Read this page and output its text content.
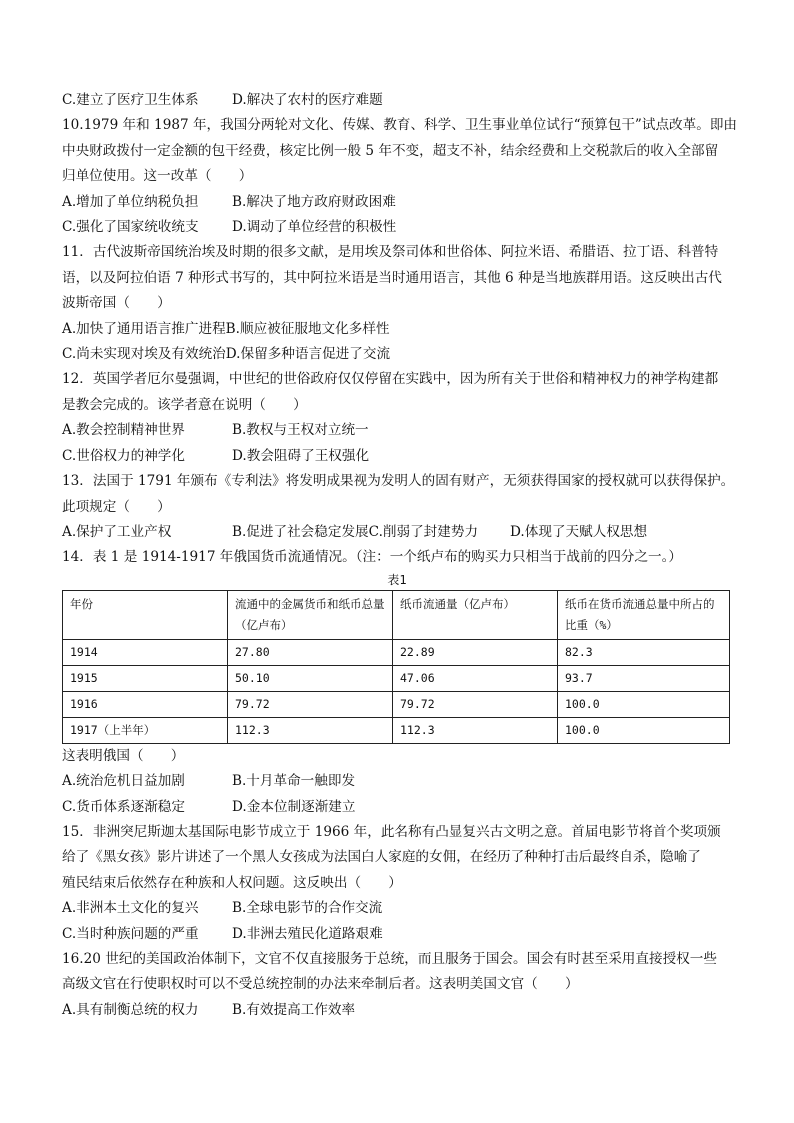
C.建立了医疗卫生体系	D.解决了农村的医疗难题
10.1979 年和 1987 年，我国分两轮对文化、传媒、教育、科学、卫生事业单位试行“预算包干”试点改革。即由
中央财政拨付一定金额的包干经费，核定比例一般 5 年不变，超支不补，结余经费和上交税款后的收入全部留
归单位使用。这一改革（　　）
A.增加了单位纳税负担	B.解决了地方政府财政困难
C.强化了国家统收统支	D.调动了单位经营的积极性
11．古代波斯帝国统治埃及时期的很多文献，是用埃及祭司体和世俗体、阿拉米语、希腊语、拉丁语、科普特
语，以及阿拉伯语 7 种形式书写的，其中阿拉米语是当时通用语言，其他 6 种是当地族群用语。这反映出古代
波斯帝国（　　）
A.加快了通用语言推广进程B.顺应被征服地文化多样性
C.尚未实现对埃及有效统治D.保留多种语言促进了交流
12．英国学者厄尔曼强调，中世纪的世俗政府仅仅停留在实践中，因为所有关于世俗和精神权力的神学构建都
是教会完成的。该学者意在说明（　　）
A.教会控制精神世界	B.教权与王权对立统一
C.世俗权力的神学化	D.教会阻碍了王权强化
13．法国于 1791 年颁布《专利法》将发明成果视为发明人的固有财产，无须获得国家的授权就可以获得保护。
此项规定（　　）
A.保护了工业产权	B.促进了社会稳定发展C.削弱了封建势力	D.体现了天赋人权思想
14．表 1 是 1914-1917 年俄国货币流通情况。（注：一个纸卢布的购买力只相当于战前的四分之一。）
表1
年份	流通中的金属货币和纸币总量（亿卢布）	纸币流通量（亿卢布）	纸币在货币流通总量中所占的比重（%）
1914	27.80	22.89	82.3
1915	50.10	47.06	93.7
1916	79.72	79.72	100.0
1917（上半年）	112.3	112.3	100.0
这表明俄国（　　）
A.统治危机日益加剧	B.十月革命一触即发
C.货币体系逐渐稳定	D.金本位制逐渐建立
15．非洲突尼斯迦太基国际电影节成立于 1966 年，此名称有凸显复兴古文明之意。首届电影节将首个奖项颁
给了《黑女孩》影片讲述了一个黑人女孩成为法国白人家庭的女佣，在经历了种种打击后最终自杀，隐喻了
殖民结束后依然存在种族和人权问题。这反映出（　　）
A.非洲本土文化的复兴	B.全球电影节的合作交流
C.当时种族问题的严重	D.非洲去殖民化道路艰难
16.20 世纪的美国政治体制下，文官不仅直接服务于总统，而且服务于国会。国会有时甚至采用直接授权一些
高级文官在行使职权时可以不受总统控制的办法来牵制后者。这表明美国文官（　　）
A.具有制衡总统的权力	B.有效提高工作效率
